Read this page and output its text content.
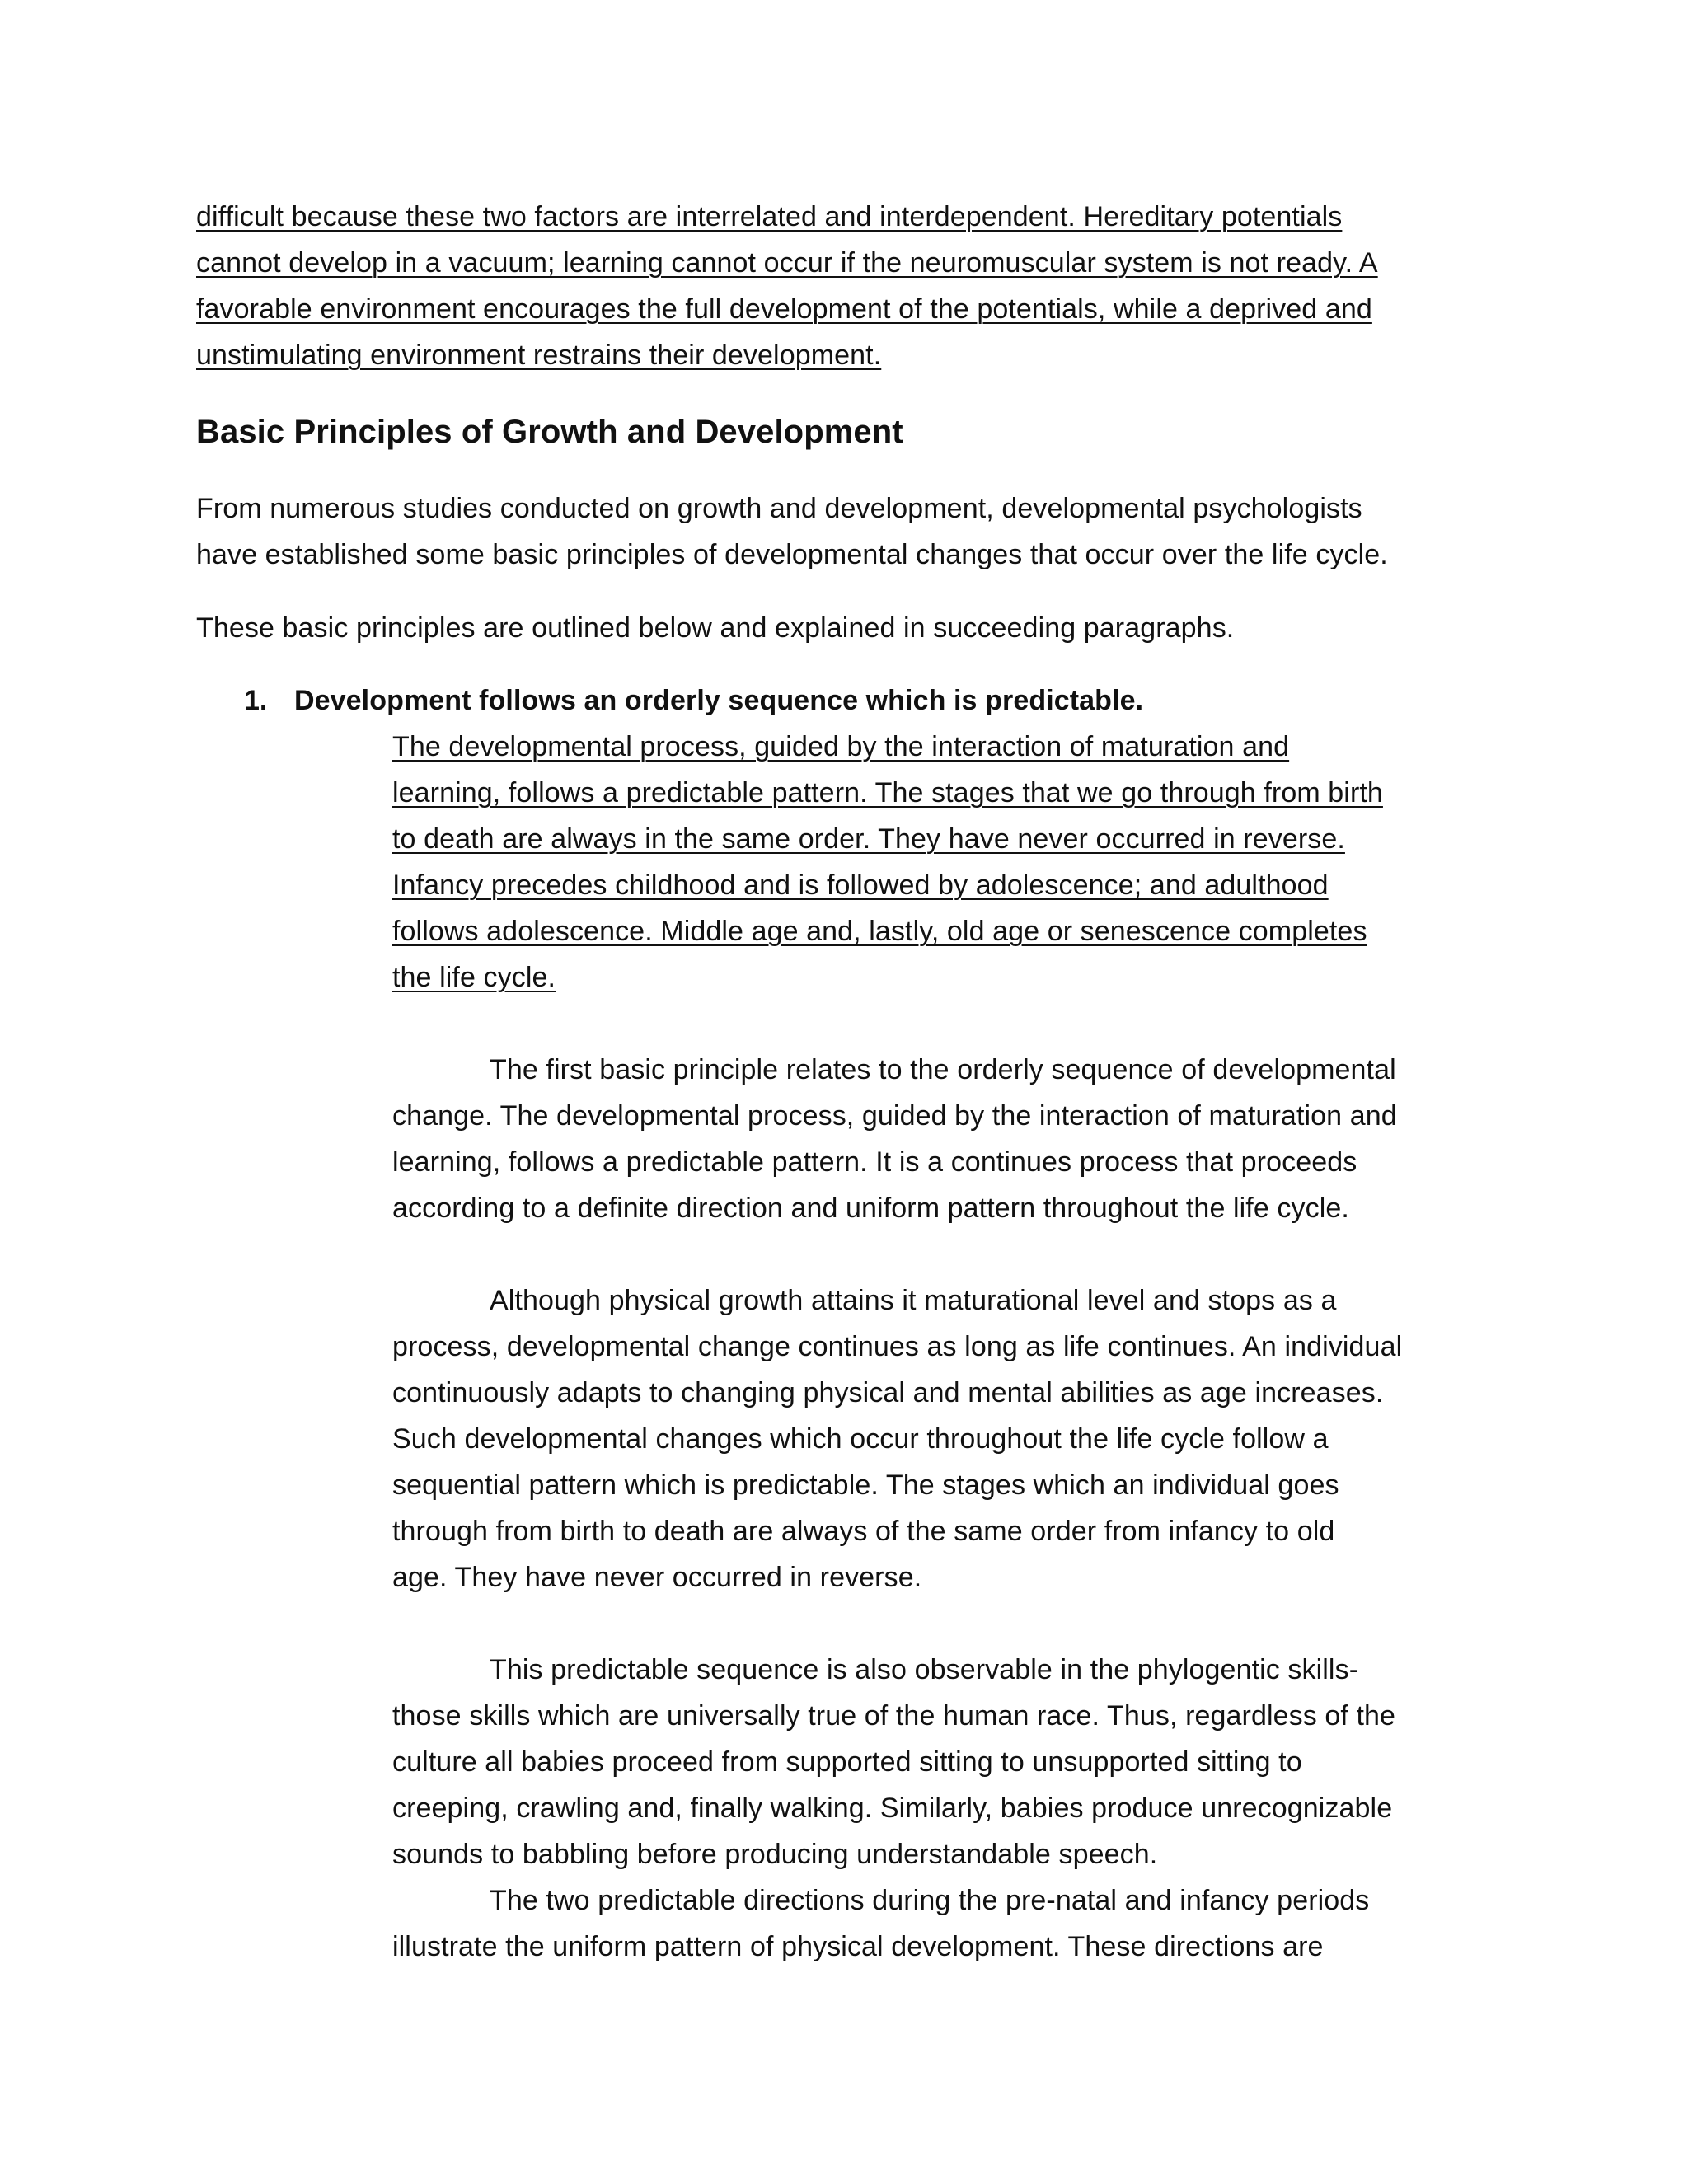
difficult because these two factors are interrelated and interdependent. Hereditary potentials
cannot develop in a vacuum; learning cannot occur if the neuromuscular system is not ready. A
favorable environment encourages the full development of the potentials, while a deprived and
unstimulating environment restrains their development.
Basic Principles of Growth and Development
From numerous studies conducted on growth and development, developmental psychologists
have established some basic principles of developmental changes that occur over the life cycle.
These basic principles are outlined below and explained in succeeding paragraphs.
1. Development follows an orderly sequence which is predictable.
The developmental process, guided by the interaction of maturation and
learning, follows a predictable pattern. The stages that we go through from birth
to death are always in the same order. They have never occurred in reverse.
Infancy precedes childhood and is followed by adolescence; and adulthood
follows adolescence. Middle age and, lastly, old age or senescence completes
the life cycle.
The first basic principle relates to the orderly sequence of developmental
change. The developmental process, guided by the interaction of maturation and
learning, follows a predictable pattern. It is a continues process that proceeds
according to a definite direction and uniform pattern throughout the life cycle.
Although physical growth attains it maturational level and stops as a
process, developmental change continues as long as life continues. An individual
continuously adapts to changing physical and mental abilities as age increases.
Such developmental changes which occur throughout the life cycle follow a
sequential pattern which is predictable. The stages which an individual goes
through from birth to death are always of the same order from infancy to old
age. They have never occurred in reverse.
This predictable sequence is also observable in the phylogentic skills-
those skills which are universally true of the human race. Thus, regardless of the
culture all babies proceed from supported sitting to unsupported sitting to
creeping, crawling and, finally walking. Similarly, babies produce unrecognizable
sounds to babbling before producing understandable speech.
The two predictable directions during the pre-natal and infancy periods
illustrate the uniform pattern of physical development. These directions are
